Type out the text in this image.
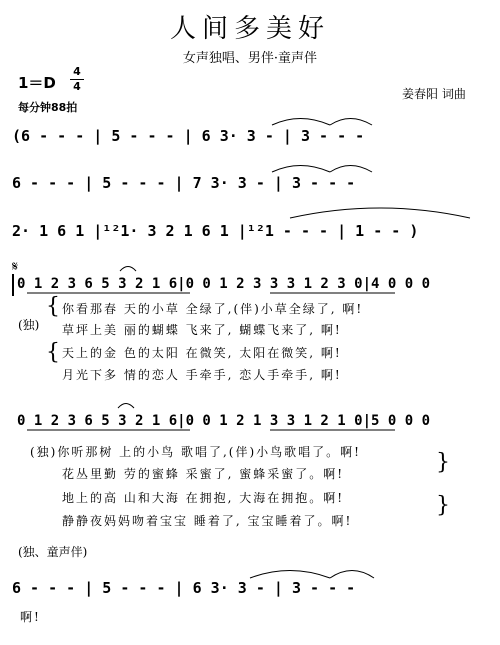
人间多美好
女声独唱、男伴·童声伴
姜春阳 词曲
1＝D
4
4
每分钟88拍
(6 - - - | 5 - - - | 6 3· 3 - | 3 - - -
6 - - - | 5 - - - | 7 3· 3 - | 3 - - -
2· 1 6 1 |¹²1· 3 2 1 6 1 |¹²1 - - - | 1 - - )
𝄋
0 1 2 3 6 5 3 2 1 6|0 0 1 2 3 3 3 1 2 3 0|4 0 0 0
(独)
{
{
你看那春 天的小草 全绿了,(伴)小草全绿了, 啊!
草坪上美 丽的蝴蝶 飞来了, 蝴蝶飞来了, 啊!
天上的金 色的太阳 在微笑, 太阳在微笑, 啊!
月光下多 情的恋人 手牵手, 恋人手牵手, 啊!
0 1 2 3 6 5 3 2 1 6|0 0 1 2 1 3 3 1 2 1 0|5 0 0 0
(独)你听那树 上的小鸟 歌唱了,(伴)小鸟歌唱了。啊!
花丛里勤 劳的蜜蜂 采蜜了, 蜜蜂采蜜了。啊!
地上的高 山和大海 在拥抱, 大海在拥抱。啊!
静静夜妈妈吻着宝宝 睡着了, 宝宝睡着了。啊!
}
}
(独、童声伴)
6 - - - | 5 - - - | 6 3· 3 - | 3 - - -
啊!
